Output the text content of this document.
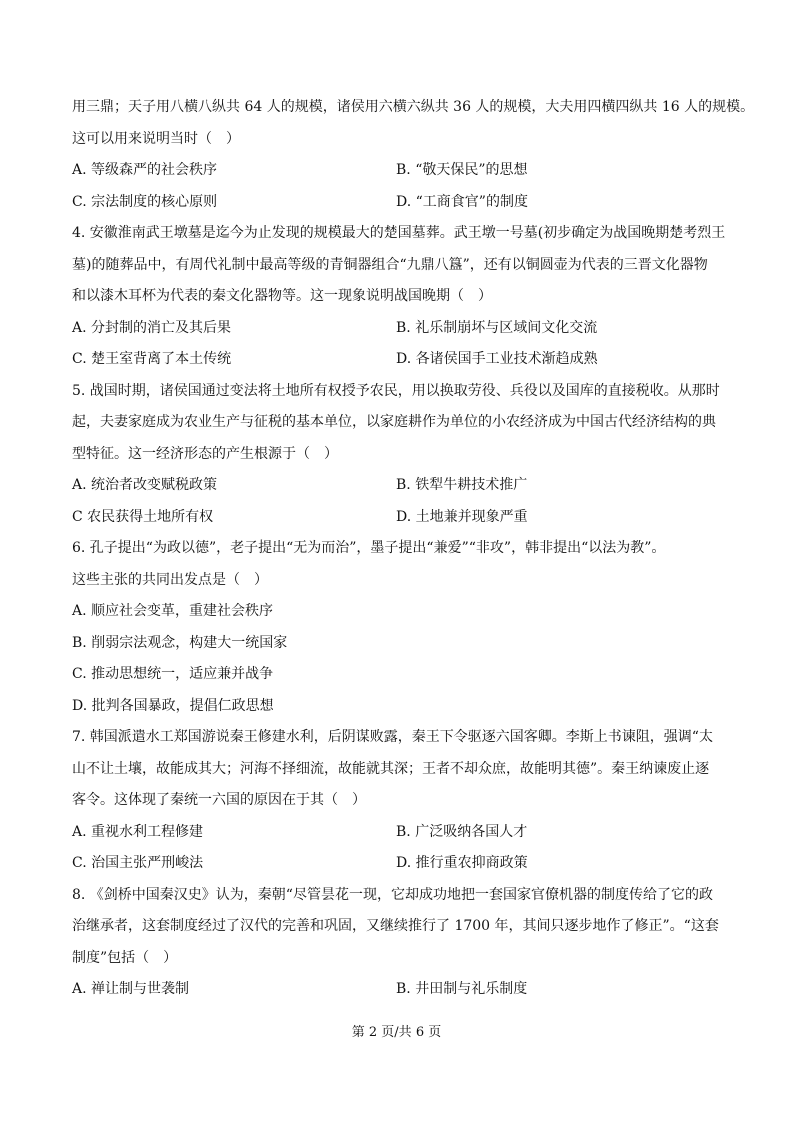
用三鼎；天子用八横八纵共 64 人的规模，诸侯用六横六纵共 36 人的规模，大夫用四横四纵共 16 人的规模。
这可以用来说明当时（　）
A. 等级森严的社会秩序	B. “敬天保民”的思想
C. 宗法制度的核心原则	D. “工商食官”的制度
4. 安徽淮南武王墩墓是迄今为止发现的规模最大的楚国墓葬。武王墩一号墓(初步确定为战国晚期楚考烈王
墓)的随葬品中，有周代礼制中最高等级的青铜器组合“九鼎八簋”，还有以铜圆壶为代表的三晋文化器物
和以漆木耳杯为代表的秦文化器物等。这一现象说明战国晚期（　）
A. 分封制的消亡及其后果	B. 礼乐制崩坏与区域间文化交流
C. 楚王室背离了本土传统	D. 各诸侯国手工业技术渐趋成熟
5. 战国时期，诸侯国通过变法将土地所有权授予农民，用以换取劳役、兵役以及国库的直接税收。从那时
起，夫妻家庭成为农业生产与征税的基本单位，以家庭耕作为单位的小农经济成为中国古代经济结构的典
型特征。这一经济形态的产生根源于（　）
A. 统治者改变赋税政策	B. 铁犁牛耕技术推广
C 农民获得土地所有权	D. 土地兼并现象严重
6. 孔子提出“为政以德”，老子提出“无为而治”，墨子提出“兼爱”“非攻”，韩非提出“以法为教”。
这些主张的共同出发点是（　）
A. 顺应社会变革，重建社会秩序
B. 削弱宗法观念，构建大一统国家
C. 推动思想统一，适应兼并战争
D. 批判各国暴政，提倡仁政思想
7. 韩国派遣水工郑国游说秦王修建水利，后阴谋败露，秦王下令驱逐六国客卿。李斯上书谏阻，强调“太
山不让土壤，故能成其大；河海不择细流，故能就其深；王者不却众庶，故能明其德”。秦王纳谏废止逐
客令。这体现了秦统一六国的原因在于其（　）
A. 重视水利工程修建	B. 广泛吸纳各国人才
C. 治国主张严刑峻法	D. 推行重农抑商政策
8. 《剑桥中国秦汉史》认为，秦朝“尽管昙花一现，它却成功地把一套国家官僚机器的制度传给了它的政
治继承者，这套制度经过了汉代的完善和巩固，又继续推行了 1700 年，其间只逐步地作了修正”。“这套
制度”包括（　）
A. 禅让制与世袭制	B. 井田制与礼乐制度
第 2 页/共 6 页
